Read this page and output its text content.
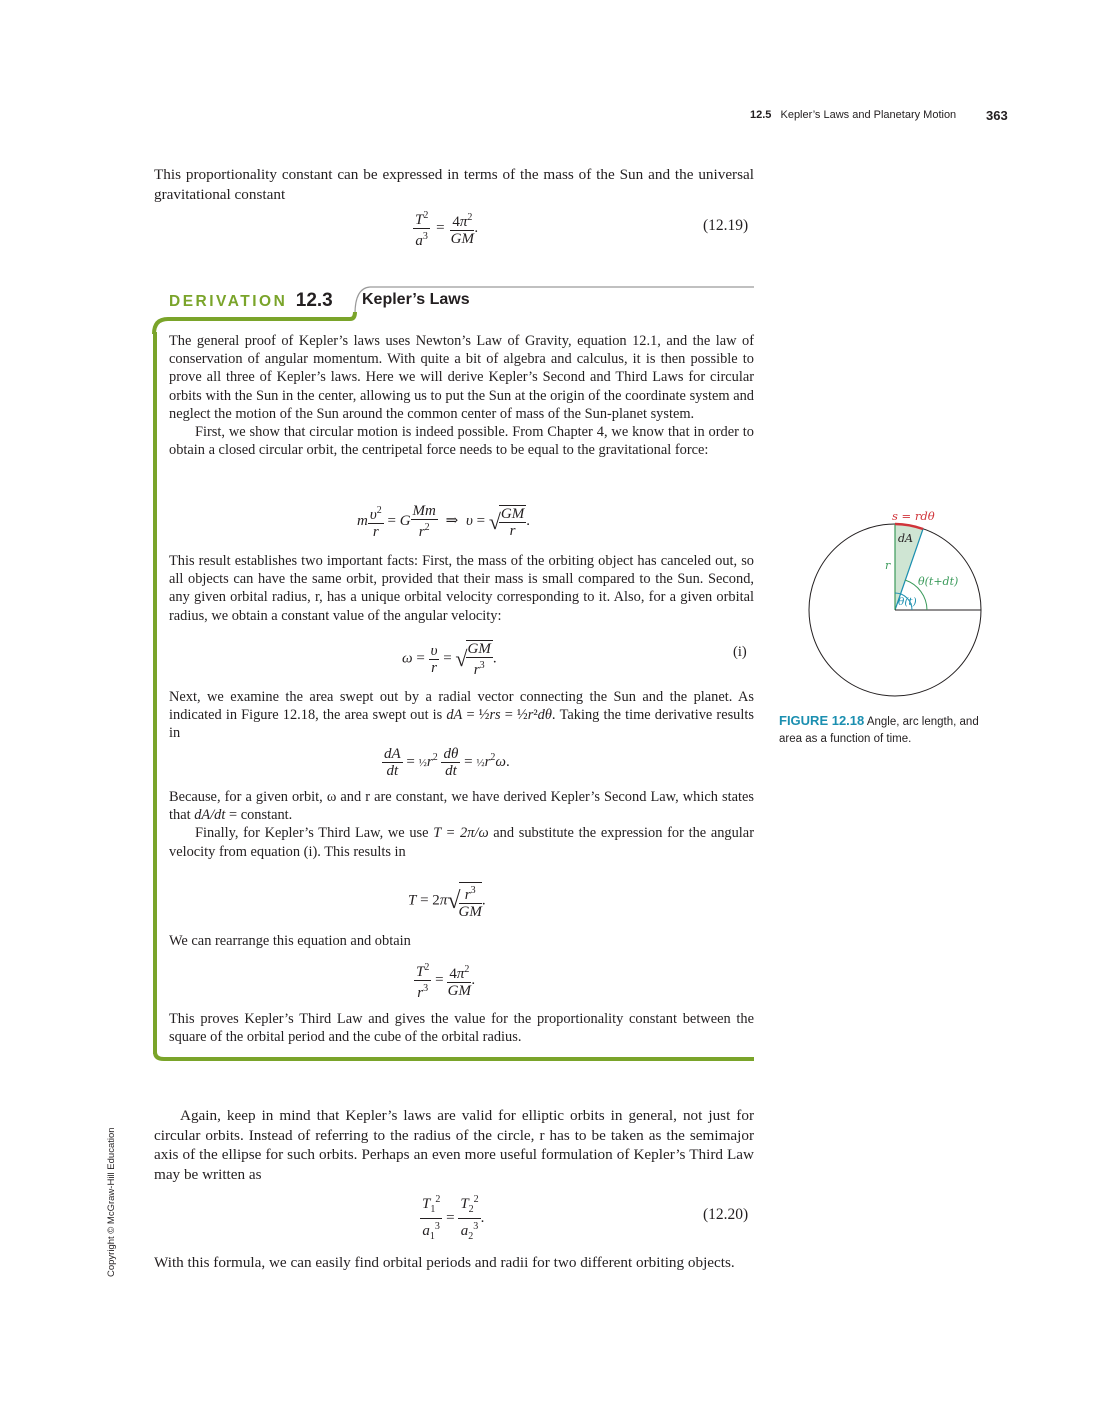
12.5 Kepler’s Laws and Planetary Motion 363
Copyright © McGraw-Hill Education
This proportionality constant can be expressed in terms of the mass of the Sun and the universal gravitational constant
$\frac{T^2}{a^3} = \frac{4\pi^2}{GM}$ .	(12.19)
DERIVATION 12.3 Kepler’s Laws

The general proof of Kepler’s laws uses Newton’s Law of Gravity, equation 12.1, and the law of conservation of angular momentum. With quite a bit of algebra and calculus, it is then possible to prove all three of Kepler’s laws. Here we will derive Kepler’s Second and Third Laws for circular orbits with the Sun in the center, allowing us to put the Sun at the origin of the coordinate system and neglect the motion of the Sun around the common center of mass of the Sun-planet system.

First, we show that circular motion is indeed possible. From Chapter 4, we know that in order to obtain a closed circular orbit, the centripetal force needs to be equal to the gravitational force:

m $\frac{\upsilon^2}{r} = G \frac{Mm}{r^2}$ ⇒ υ = √
$\frac{GM}{r}$ .
This result establishes two important facts: First, the mass of the orbiting object has canceled out, so all objects can have the same orbit, provided that their mass is small compared to the Sun. Second, any given orbital radius, r, has a unique orbital velocity corresponding to it. Also, for a given orbital radius, we obtain a constant value of the angular velocity:
$\omega = \frac{\upsilon}{r}$ = √
$\frac{GM}{r^3}$ .	(i)
Next, we examine the area swept out by a radial vector connecting the Sun and the planet. As indicated in Figure 12.18, the area swept out is dA = ½rs = ½r²dθ. Taking the time derivative results in
$\frac{dA}{dt}$ = $\frac{1}{2}r^2 \frac{d\theta}{dt}$ = $\frac{1}{2}r^2\omega$.

Because, for a given orbit, ω and r are constant, we have derived Kepler’s Second Law, which states that dA/dt = constant.

Finally, for Kepler’s Third Law, we use T = 2π/ω and substitute the expression for the angular velocity from equation (i). This results in

T = 2π√
$\frac{r^3}{GM}$ .
We can rearrange this equation and obtain
$\frac{T^2}{r^3} = \frac{4\pi^2}{GM}$ .
This proves Kepler’s Third Law and gives the value for the proportionality constant between the square of the orbital period and the cube of the orbital radius.

Again, keep in mind that Kepler’s laws are valid for elliptic orbits in general, not just for circular orbits. Instead of referring to the radius of the circle, r has to be taken as the semimajor axis of the ellipse for such orbits. Perhaps an even more useful formulation of Kepler’s Third Law may be written as

$\frac{T_1^2}{a_1^3} = \frac{T_2^2}{a_2^3}$ .	(12.20)
With this formula, we can easily find orbital periods and radii for two different orbiting objects.
s = rdθ
dA
r
θ(t+dt)
θ(t)
FIGURE 12.18 Angle, arc length, and area as a function of time.
